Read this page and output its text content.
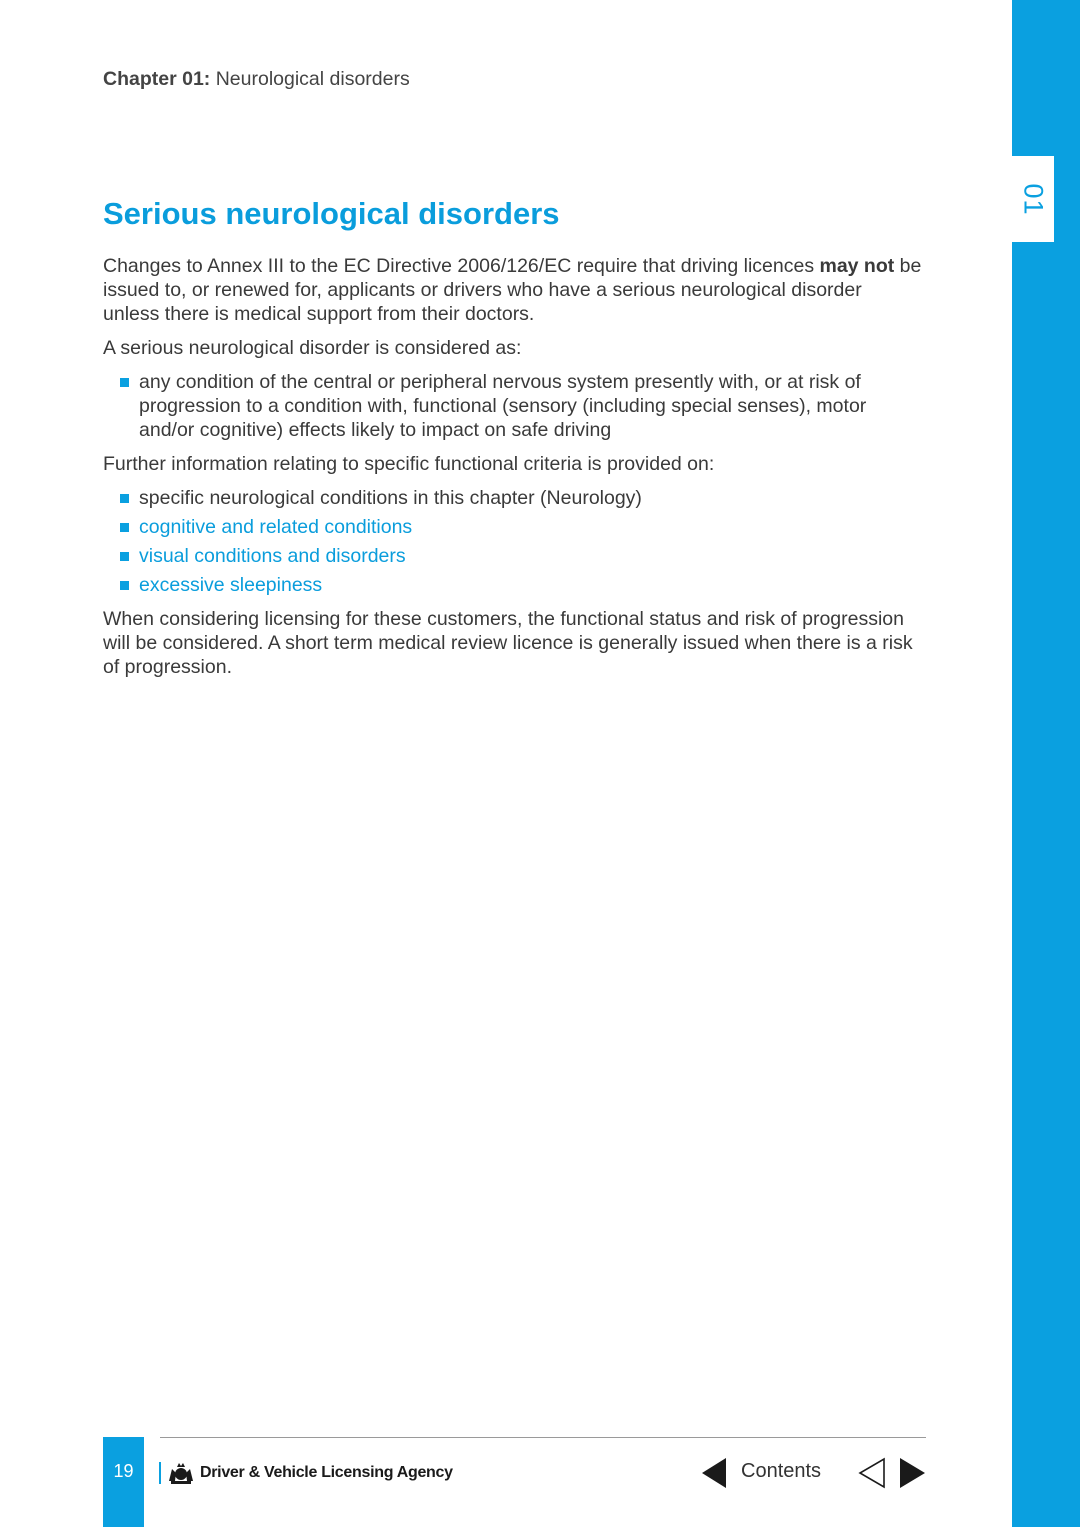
01
Chapter 01: Neurological disorders
Serious neurological disorders

Changes to Annex III to the EC Directive 2006/126/EC require that driving licences may not be issued to, or renewed for, applicants or drivers who have a serious neurological disorder unless there is medical support from their doctors.

A serious neurological disorder is considered as:

any condition of the central or peripheral nervous system presently with, or at risk of progression to a condition with, functional (sensory (including special senses), motor and/or cognitive) effects likely to impact on safe driving

Further information relating to specific functional criteria is provided on:

specific neurological conditions in this chapter (Neurology)
cognitive and related conditions
visual conditions and disorders
excessive sleepiness

When considering licensing for these customers, the functional status and risk of progression will be considered. A short term medical review licence is generally issued when there is a risk of progression.

19	Driver & Vehicle Licensing Agency	Contents
